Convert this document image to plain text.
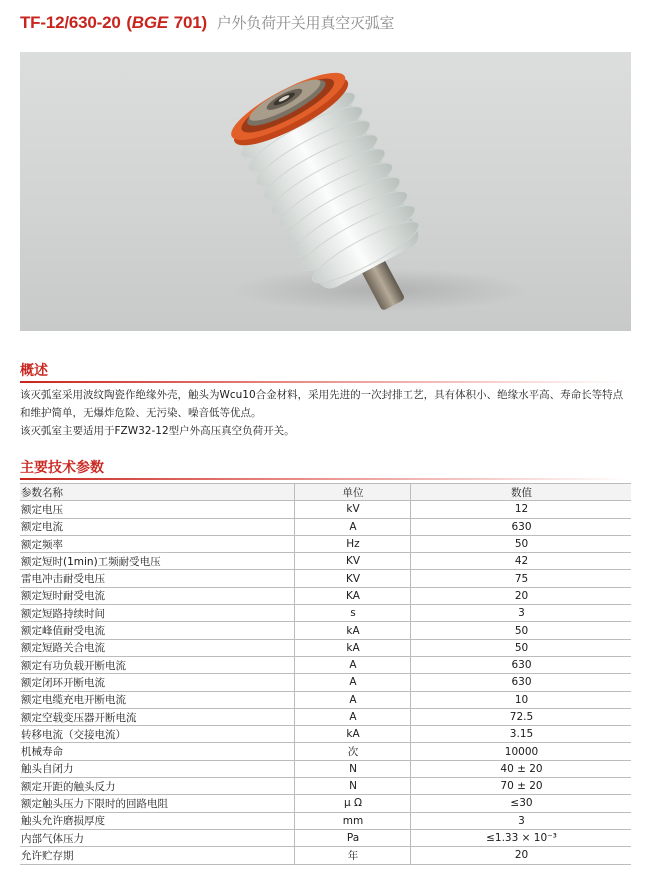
TF-12/630-20 (BGE 701) 户外负荷开关用真空灭弧室
概述
该灭弧室采用波纹陶瓷作绝缘外壳，触头为Wcu10合金材料，采用先进的一次封排工艺，具有体积小、绝缘水平高、寿命长等特点和维护简单，无爆炸危险、无污染、噪音低等优点。
该灭弧室主要适用于FZW32-12型户外高压真空负荷开关。
主要技术参数
参数名称	单位	数值
额定电压	kV	12
额定电流	A	630
额定频率	Hz	50
额定短时(1min)工频耐受电压	KV	42
雷电冲击耐受电压	KV	75
额定短时耐受电流	KA	20
额定短路持续时间	s	3
额定峰值耐受电流	kA	50
额定短路关合电流	kA	50
额定有功负载开断电流	A	630
额定闭环开断电流	A	630
额定电缆充电开断电流	A	10
额定空载变压器开断电流	A	72.5
转移电流（交接电流）	kA	3.15
机械寿命	次	10000
触头自闭力	N	40 ± 20
额定开距的触头反力	N	70 ± 20
额定触头压力下限时的回路电阻	μ Ω	≤30
触头允许磨损厚度	mm	3
内部气体压力	Pa	≤1.33 × 10⁻³
允许贮存期	年	20
